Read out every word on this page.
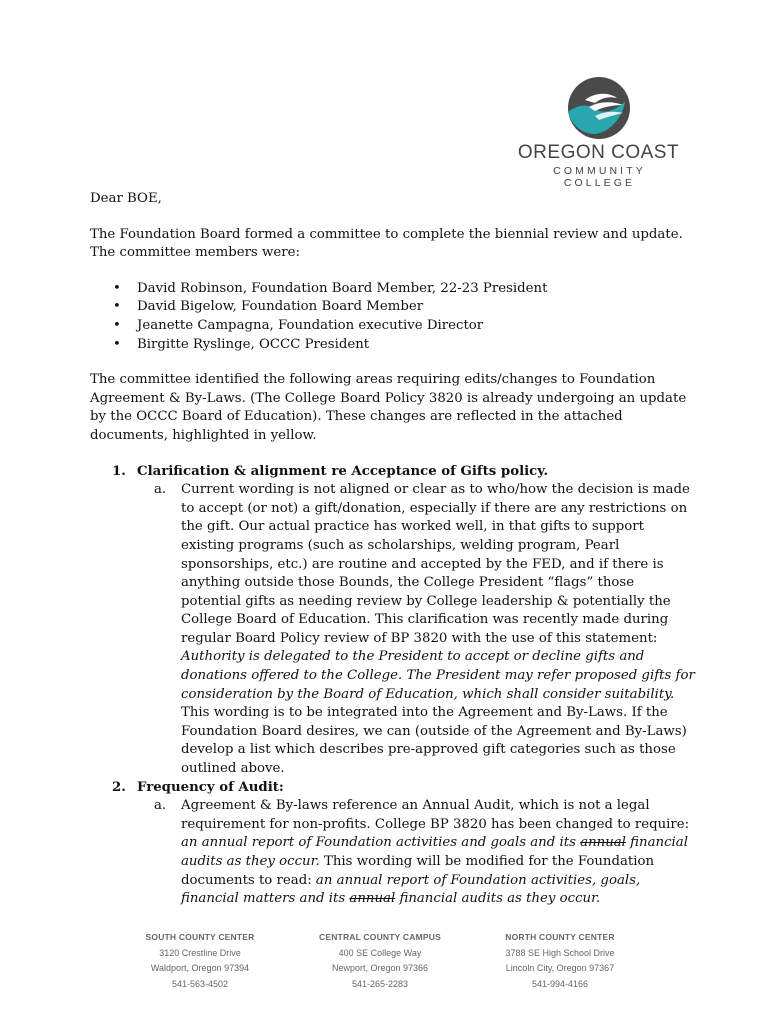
OREGON COAST
COMMUNITY COLLEGE

Dear BOE,

The Foundation Board formed a committee to complete the biennial review and update. The committee members were:

• David Robinson, Foundation Board Member, 22-23 President
• David Bigelow, Foundation Board Member
• Jeanette Campagna, Foundation executive Director
• Birgitte Ryslinge, OCCC President

The committee identified the following areas requiring edits/changes to Foundation Agreement & By-Laws. (The College Board Policy 3820 is already undergoing an update by the OCCC Board of Education). These changes are reflected in the attached documents, highlighted in yellow.

1. Clarification & alignment re Acceptance of Gifts policy.
a. Current wording is not aligned or clear as to who/how the decision is made to accept (or not) a gift/donation, especially if there are any restrictions on the gift. Our actual practice has worked well, in that gifts to support existing programs (such as scholarships, welding program, Pearl sponsorships, etc.) are routine and accepted by the FED, and if there is anything outside those Bounds, the College President “flags” those potential gifts as needing review by College leadership & potentially the College Board of Education. This clarification was recently made during regular Board Policy review of BP 3820 with the use of this statement: Authority is delegated to the President to accept or decline gifts and donations offered to the College. The President may refer proposed gifts for consideration by the Board of Education, which shall consider suitability. This wording is to be integrated into the Agreement and By-Laws. If the Foundation Board desires, we can (outside of the Agreement and By-Laws) develop a list which describes pre-approved gift categories such as those outlined above.
2. Frequency of Audit:
a. Agreement & By-laws reference an Annual Audit, which is not a legal requirement for non-profits. College BP 3820 has been changed to require: an annual report of Foundation activities and goals and its annual financial audits as they occur. This wording will be modified for the Foundation documents to read: an annual report of Foundation activities, goals, financial matters and its annual financial audits as they occur.
SOUTH COUNTY CENTER
3120 Crestline Drive
Waldport, Oregon 97394
541-563-4502
CENTRAL COUNTY CAMPUS
400 SE College Way
Newport, Oregon 97366
541-265-2283
NORTH COUNTY CENTER
3788 SE High School Drive
Lincoln City, Oregon 97367
541-994-4166
